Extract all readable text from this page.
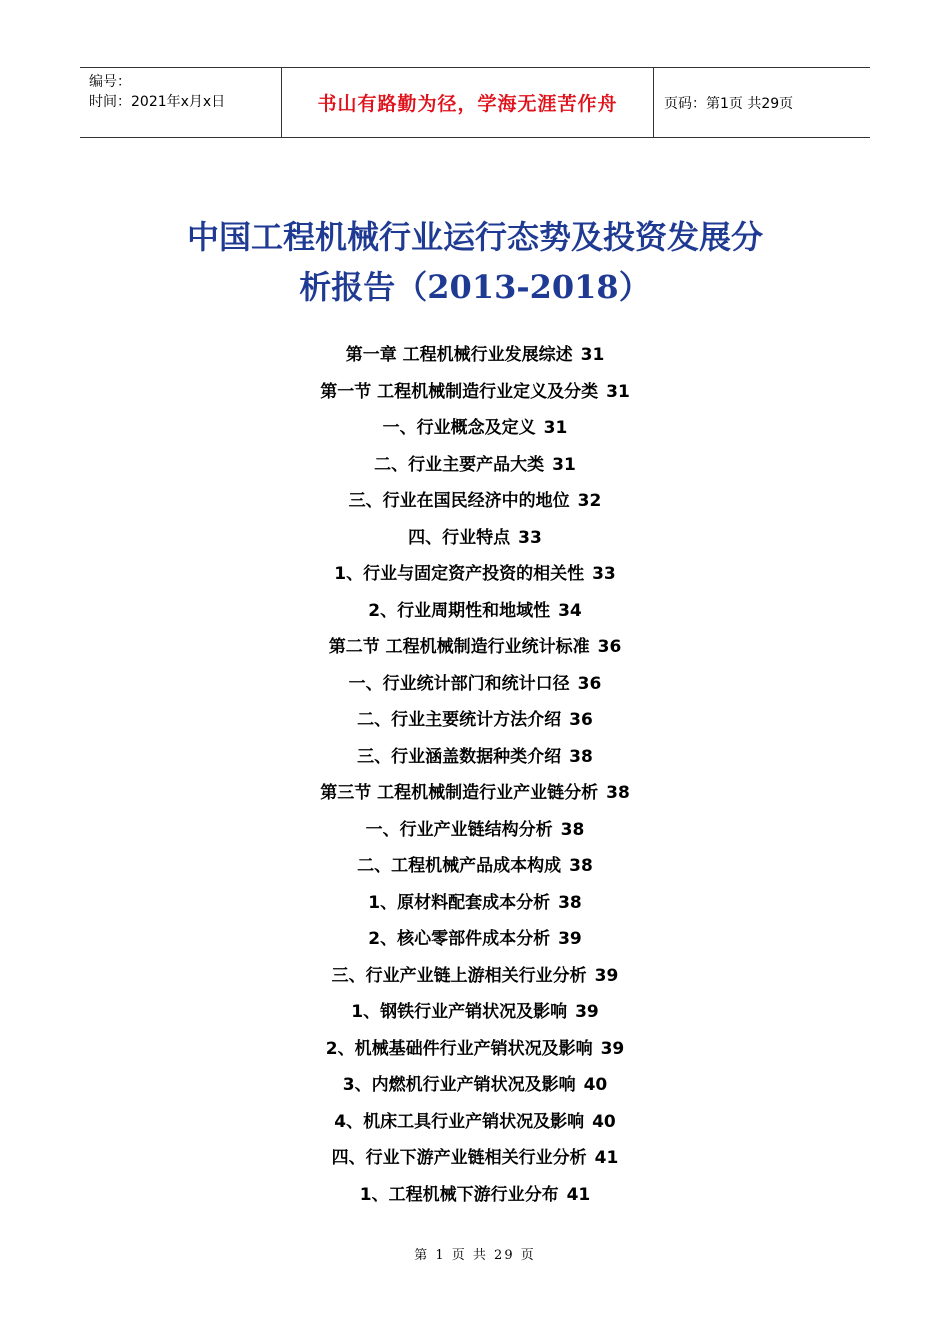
编号：
时间：2021年x月x日	书山有路勤为径，学海无涯苦作舟	页码：第1页 共29页
中国工程机械行业运行态势及投资发展分
析报告（2013-2018）
第一章 工程机械行业发展综述 31
第一节 工程机械制造行业定义及分类 31
一、行业概念及定义 31
二、行业主要产品大类 31
三、行业在国民经济中的地位 32
四、行业特点 33
1、行业与固定资产投资的相关性 33
2、行业周期性和地域性 34
第二节 工程机械制造行业统计标准 36
一、行业统计部门和统计口径 36
二、行业主要统计方法介绍 36
三、行业涵盖数据种类介绍 38
第三节 工程机械制造行业产业链分析 38
一、行业产业链结构分析 38
二、工程机械产品成本构成 38
1、原材料配套成本分析 38
2、核心零部件成本分析 39
三、行业产业链上游相关行业分析 39
1、钢铁行业产销状况及影响 39
2、机械基础件行业产销状况及影响 39
3、内燃机行业产销状况及影响 40
4、机床工具行业产销状况及影响 40
四、行业下游产业链相关行业分析 41
1、工程机械下游行业分布 41
第 1 页 共 29 页
